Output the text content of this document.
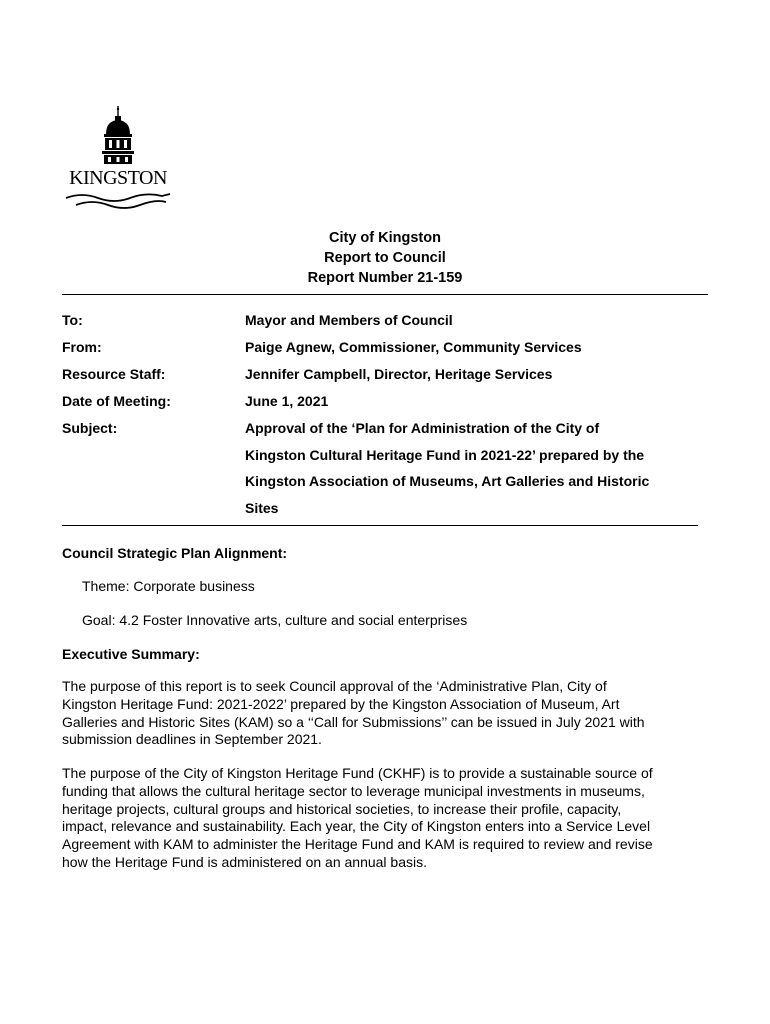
KINGSTON
City of Kingston
Report to Council
Report Number 21-159
To:	Mayor and Members of Council
From:	Paige Agnew, Commissioner, Community Services
Resource Staff:	Jennifer Campbell, Director, Heritage Services
Date of Meeting:	June 1, 2021
Subject:	Approval of the ‘Plan for Administration of the City of
Kingston Cultural Heritage Fund in 2021-22’ prepared by the
Kingston Association of Museums, Art Galleries and Historic
Sites
Council Strategic Plan Alignment:
Theme: Corporate business
Goal: 4.2 Foster Innovative arts, culture and social enterprises
Executive Summary:
The purpose of this report is to seek Council approval of the ‘Administrative Plan, City of
Kingston Heritage Fund: 2021-2022’ prepared by the Kingston Association of Museum, Art
Galleries and Historic Sites (KAM) so a ‘‘Call for Submissions’’ can be issued in July 2021 with
submission deadlines in September 2021.
The purpose of the City of Kingston Heritage Fund (CKHF) is to provide a sustainable source of
funding that allows the cultural heritage sector to leverage municipal investments in museums,
heritage projects, cultural groups and historical societies, to increase their profile, capacity,
impact, relevance and sustainability. Each year, the City of Kingston enters into a Service Level
Agreement with KAM to administer the Heritage Fund and KAM is required to review and revise
how the Heritage Fund is administered on an annual basis.
